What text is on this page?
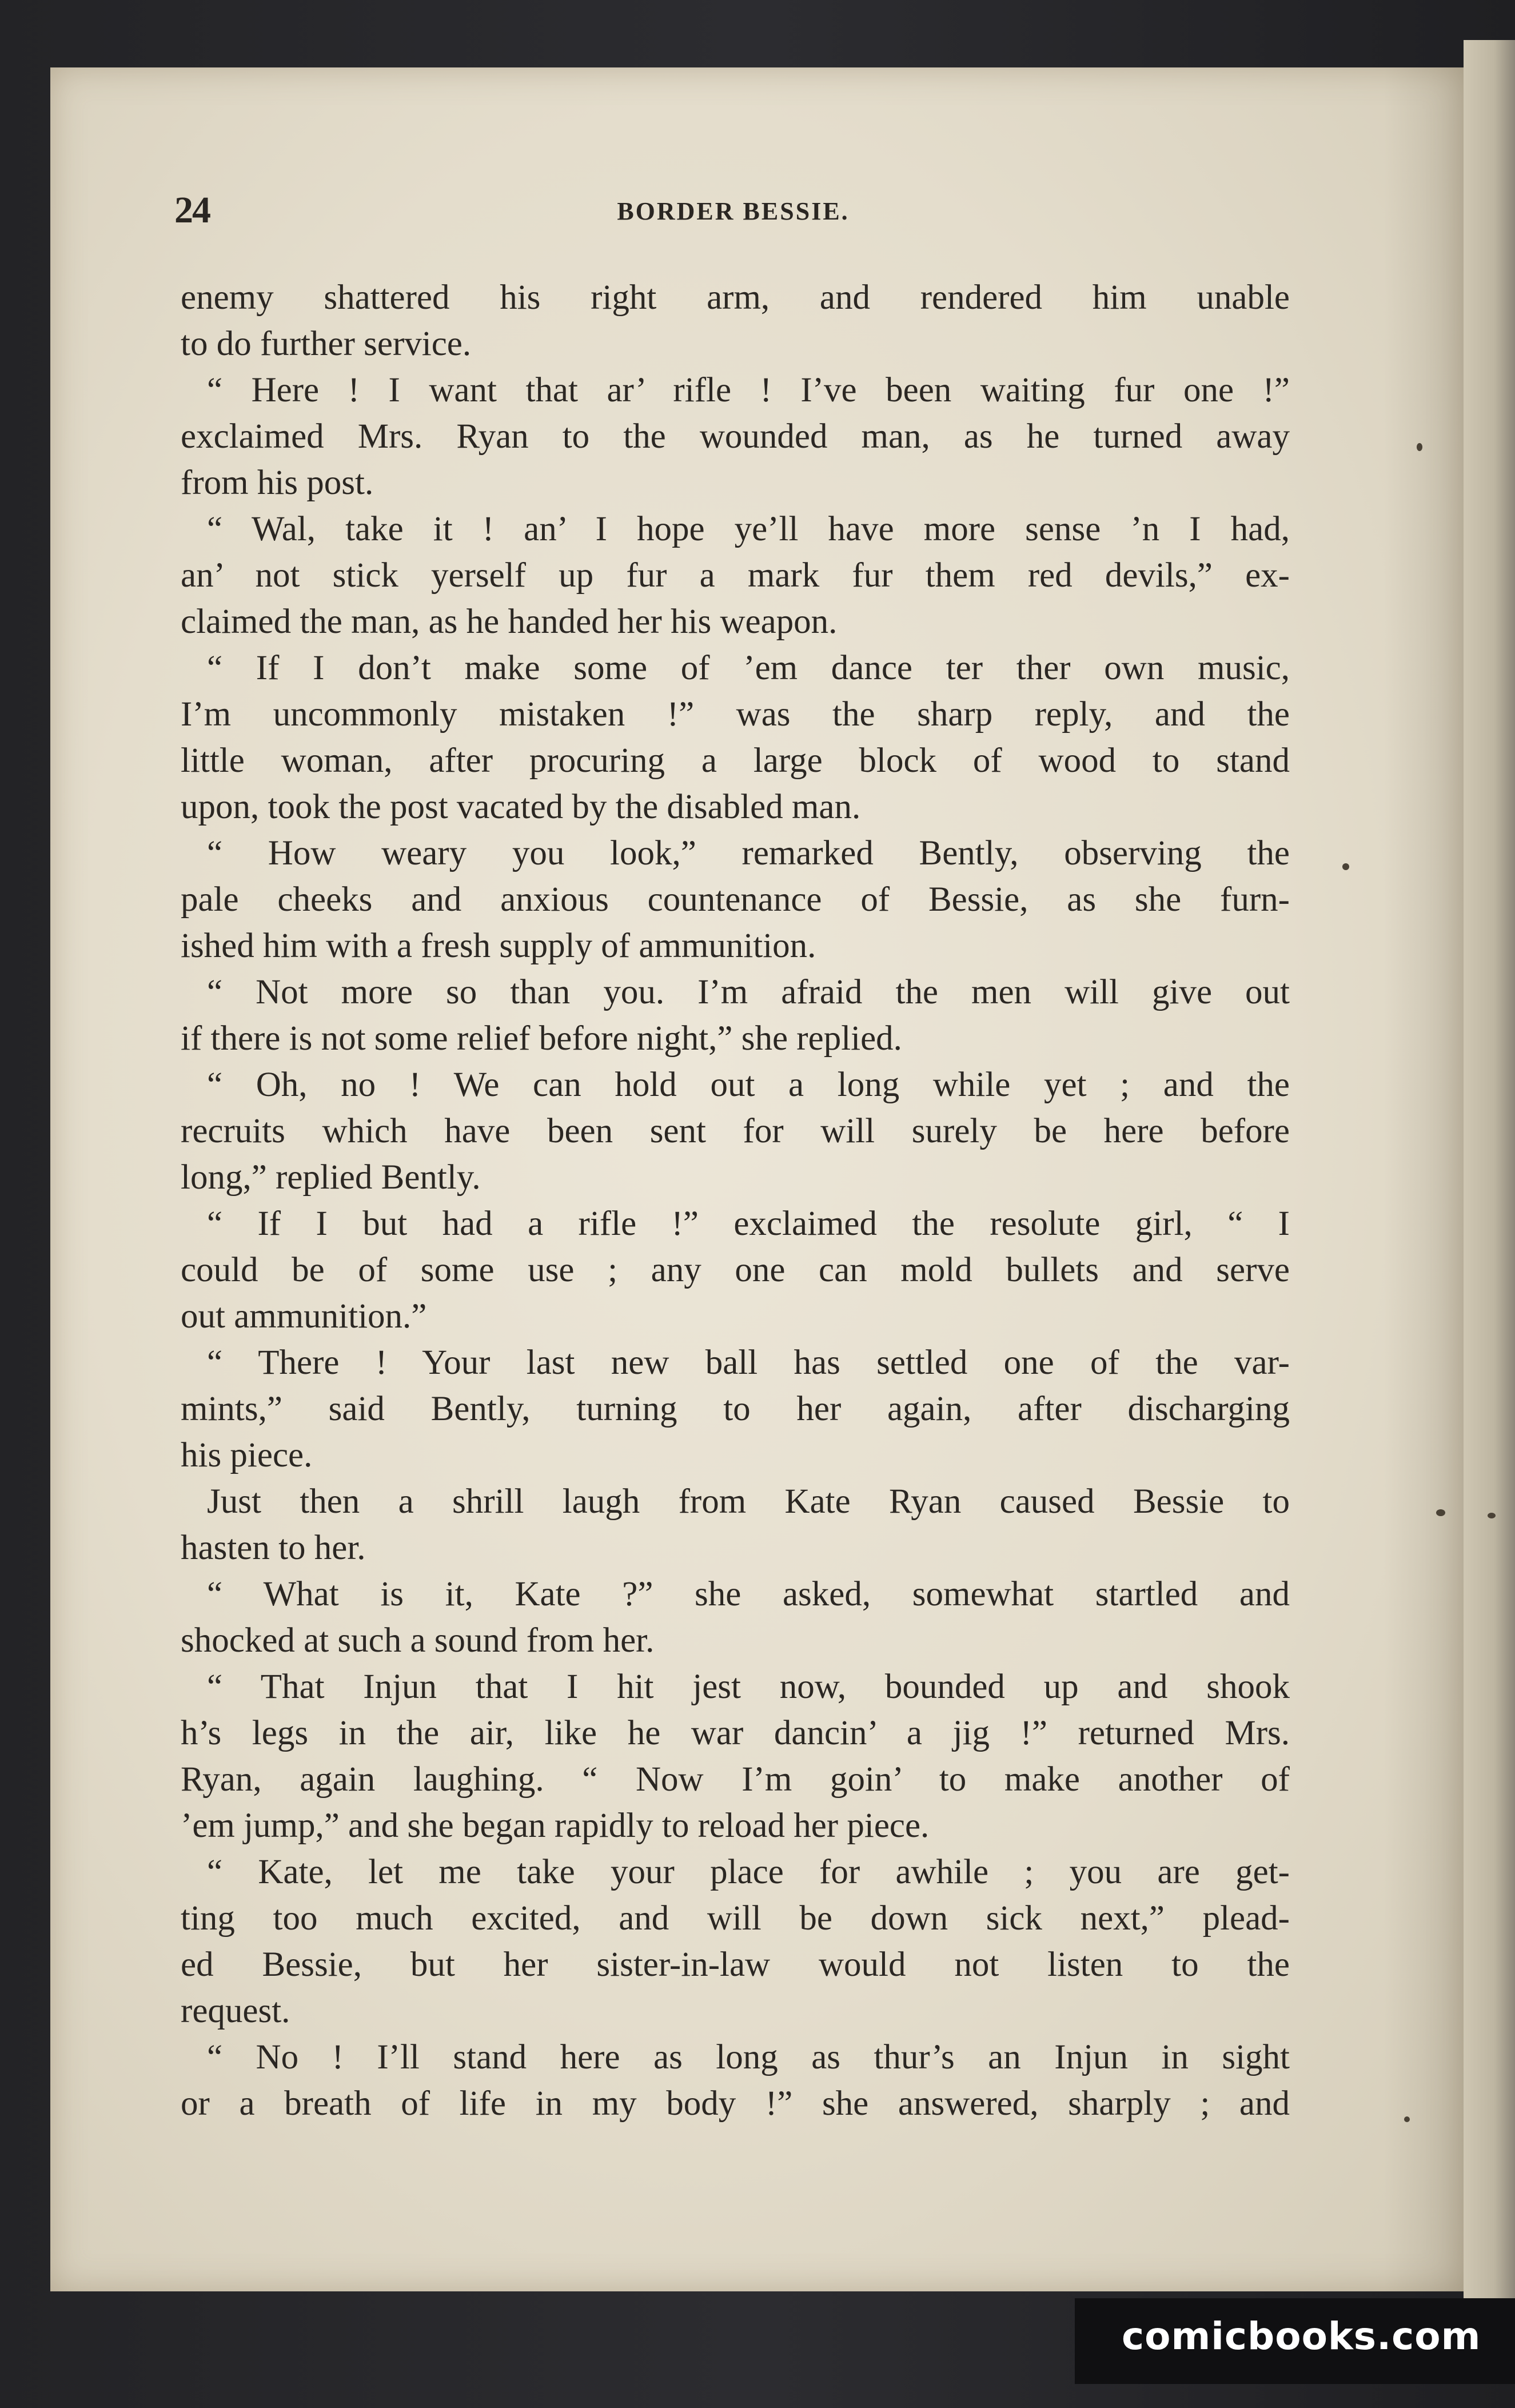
24	BORDER BESSIE.
enemy shattered his right arm, and rendered him unable
to do further service.
“ Here ! I want that ar’ rifle ! I’ve been waiting fur one !”
exclaimed Mrs. Ryan to the wounded man, as he turned away
from his post.
“ Wal, take it ! an’ I hope ye’ll have more sense ’n I had,
an’ not stick yerself up fur a mark fur them red devils,” ex-
claimed the man, as he handed her his weapon.
“ If I don’t make some of ’em dance ter ther own music,
I’m uncommonly mistaken !” was the sharp reply, and the
little woman, after procuring a large block of wood to stand
upon, took the post vacated by the disabled man.
“ How weary you look,” remarked Bently, observing the
pale cheeks and anxious countenance of Bessie, as she furn-
ished him with a fresh supply of ammunition.
“ Not more so than you. I’m afraid the men will give out
if there is not some relief before night,” she replied.
“ Oh, no ! We can hold out a long while yet ; and the
recruits which have been sent for will surely be here before
long,” replied Bently.
“ If I but had a rifle !” exclaimed the resolute girl, “ I
could be of some use ; any one can mold bullets and serve
out ammunition.”
“ There ! Your last new ball has settled one of the var-
mints,” said Bently, turning to her again, after discharging
his piece.
Just then a shrill laugh from Kate Ryan caused Bessie to
hasten to her.
“ What is it, Kate ?” she asked, somewhat startled and
shocked at such a sound from her.
“ That Injun that I hit jest now, bounded up and shook
h’s legs in the air, like he war dancin’ a jig !” returned Mrs.
Ryan, again laughing. “ Now I’m goin’ to make another of
’em jump,” and she began rapidly to reload her piece.
“ Kate, let me take your place for awhile ; you are get-
ting too much excited, and will be down sick next,” plead-
ed Bessie, but her sister-in-law would not listen to the
request.
“ No ! I’ll stand here as long as thur’s an Injun in sight
or a breath of life in my body !” she answered, sharply ; and
comicbooks.com
